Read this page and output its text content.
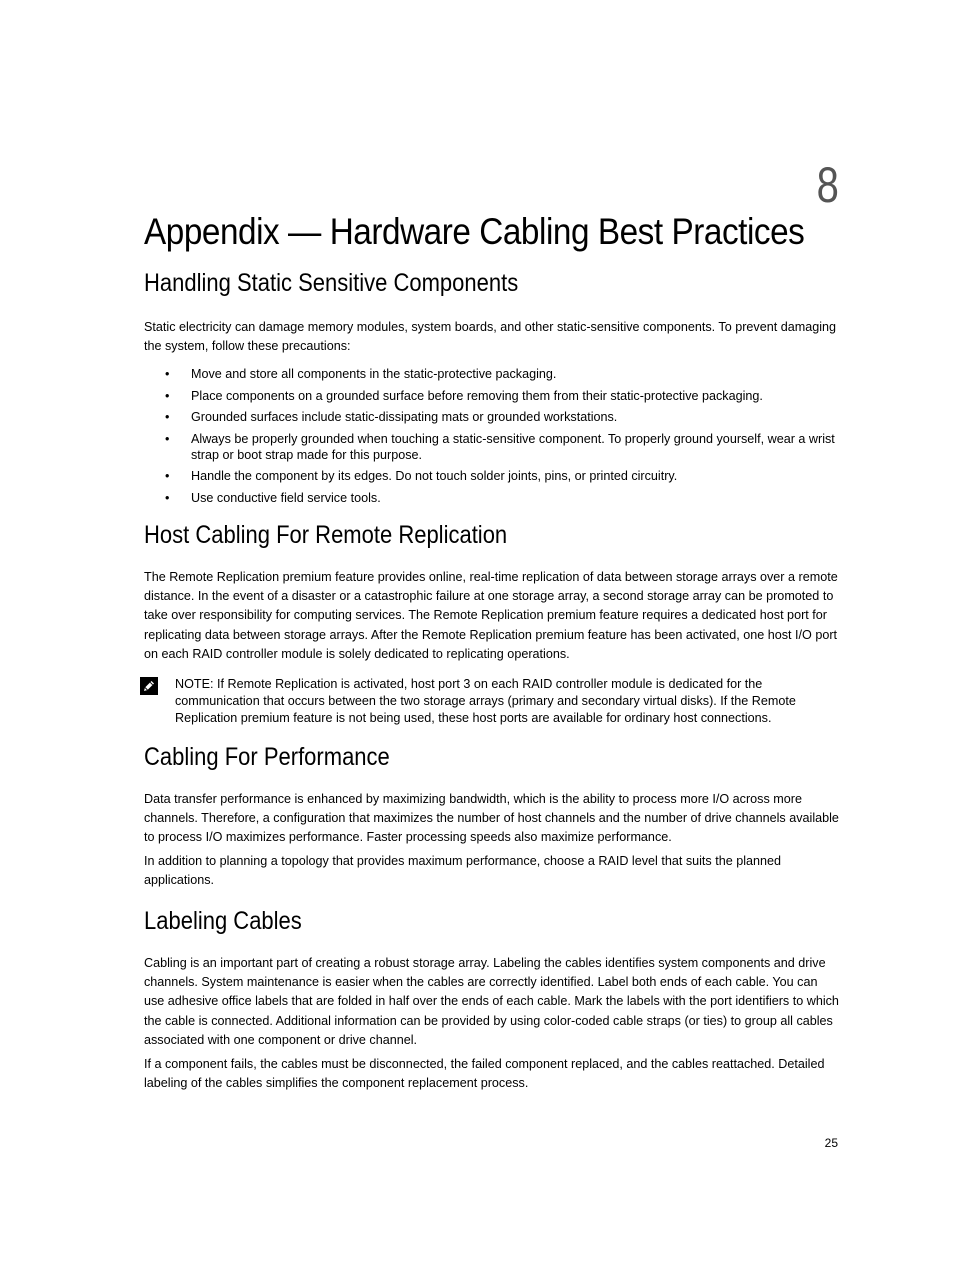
8
Appendix — Hardware Cabling Best Practices
Handling Static Sensitive Components

Static electricity can damage memory modules, system boards, and other static-sensitive components. To prevent damaging the system, follow these precautions:

• Move and store all components in the static-protective packaging.
• Place components on a grounded surface before removing them from their static-protective packaging.
• Grounded surfaces include static-dissipating mats or grounded workstations.
• Always be properly grounded when touching a static-sensitive component. To properly ground yourself, wear a wrist strap or boot strap made for this purpose.
• Handle the component by its edges. Do not touch solder joints, pins, or printed circuitry.
• Use conductive field service tools.
Host Cabling For Remote Replication

The Remote Replication premium feature provides online, real-time replication of data between storage arrays over a remote distance. In the event of a disaster or a catastrophic failure at one storage array, a second storage array can be promoted to take over responsibility for computing services. The Remote Replication premium feature requires a dedicated host port for replicating data between storage arrays. After the Remote Replication premium feature has been activated, one host I/O port on each RAID controller module is solely dedicated to replicating operations.

NOTE: If Remote Replication is activated, host port 3 on each RAID controller module is dedicated for the communication that occurs between the two storage arrays (primary and secondary virtual disks). If the Remote Replication premium feature is not being used, these host ports are available for ordinary host connections.
Cabling For Performance

Data transfer performance is enhanced by maximizing bandwidth, which is the ability to process more I/O across more channels. Therefore, a configuration that maximizes the number of host channels and the number of drive channels available to process I/O maximizes performance. Faster processing speeds also maximize performance.

In addition to planning a topology that provides maximum performance, choose a RAID level that suits the planned applications.

Labeling Cables

Cabling is an important part of creating a robust storage array. Labeling the cables identifies system components and drive channels. System maintenance is easier when the cables are correctly identified. Label both ends of each cable. You can use adhesive office labels that are folded in half over the ends of each cable. Mark the labels with the port identifiers to which the cable is connected. Additional information can be provided by using color-coded cable straps (or ties) to group all cables associated with one component or drive channel.

If a component fails, the cables must be disconnected, the failed component replaced, and the cables reattached. Detailed labeling of the cables simplifies the component replacement process.

25
